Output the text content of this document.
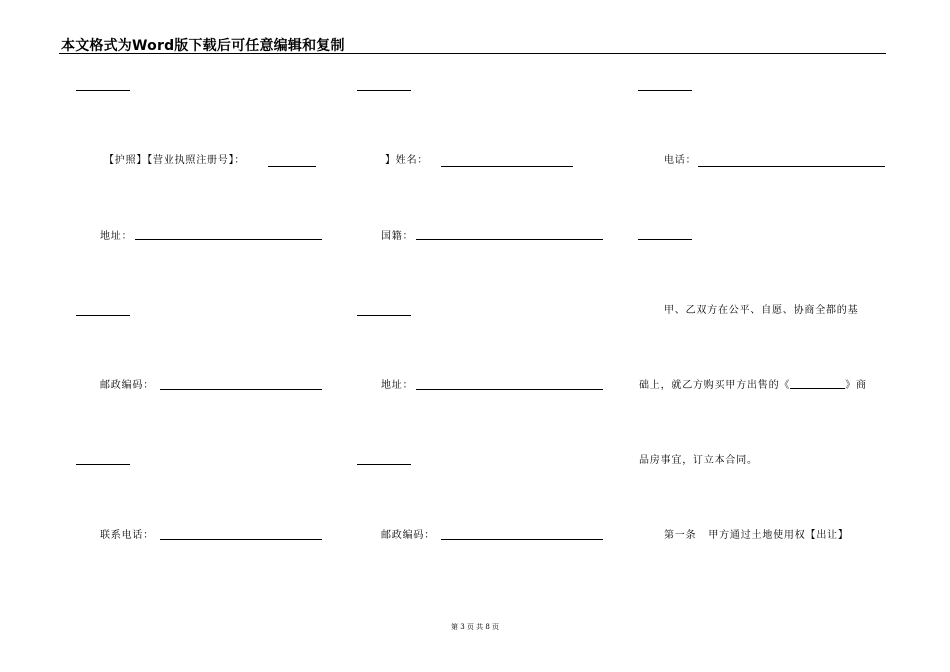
本文格式为Word版下载后可任意编辑和复制
【护照】【营业执照注册号】：
地址：
邮政编码：
联系电话：
】姓名：
国籍：
地址：
邮政编码：
电话：
甲、乙双方在公平、自愿、协商全都的基
础上，就乙方购买甲方出售的《	》商
品房事宜，订立本合同。
第一条   甲方通过土地使用权【出让】
第 3 页 共 8 页
